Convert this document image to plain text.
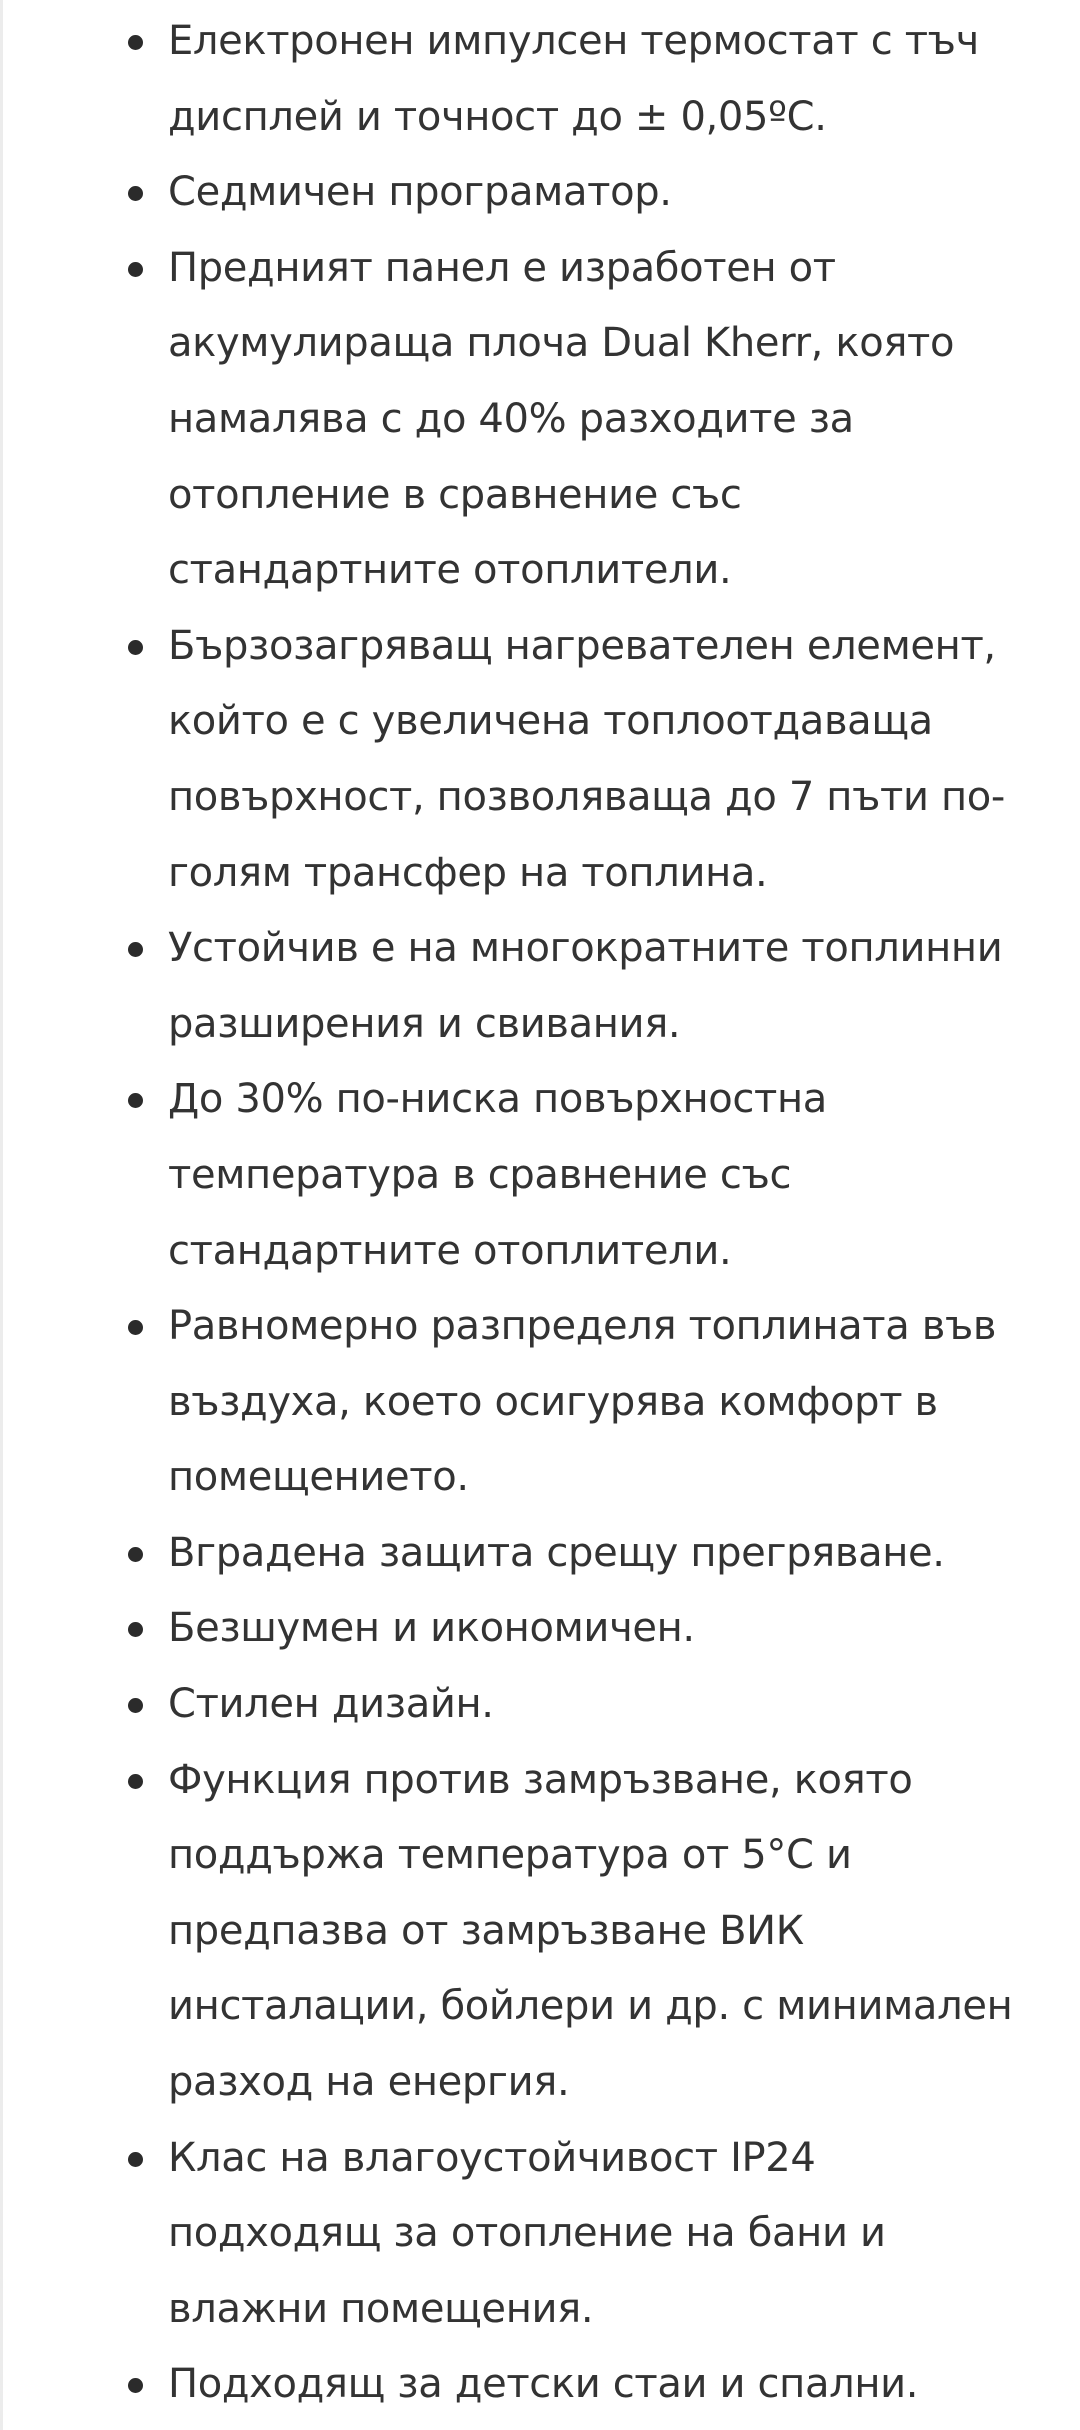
Електронен импулсен термостат с тъч дисплей и точност до ± 0,05ºC.
Седмичен програматор.
Предният панел е изработен от акумулираща плоча Dual Kherr, която намалява с до 40% разходите за отопление в сравнение със стандартните отоплители.
Бързозагряващ нагревателен елемент, който е с увеличена топлоотдаваща повърхност, позволяваща до 7 пъти по-голям трансфер на топлина.
Устойчив е на многократните топлинни разширения и свивания.
До 30% по-ниска повърхностна температура в сравнение със стандартните отоплители.
Равномерно разпределя топлината във въздуха, което осигурява комфорт в помещението.
Вградена защита срещу прегряване.
Безшумен и икономичен.
Стилен дизайн.
Функция против замръзване, която поддържа температура от 5°C и предпазва от замръзване ВИК инсталации, бойлери и др. с минимален разход на енергия.
Клас на влагоустойчивост IP24 подходящ за отопление на бани и влажни помещения.
Подходящ за детски стаи и спални.
